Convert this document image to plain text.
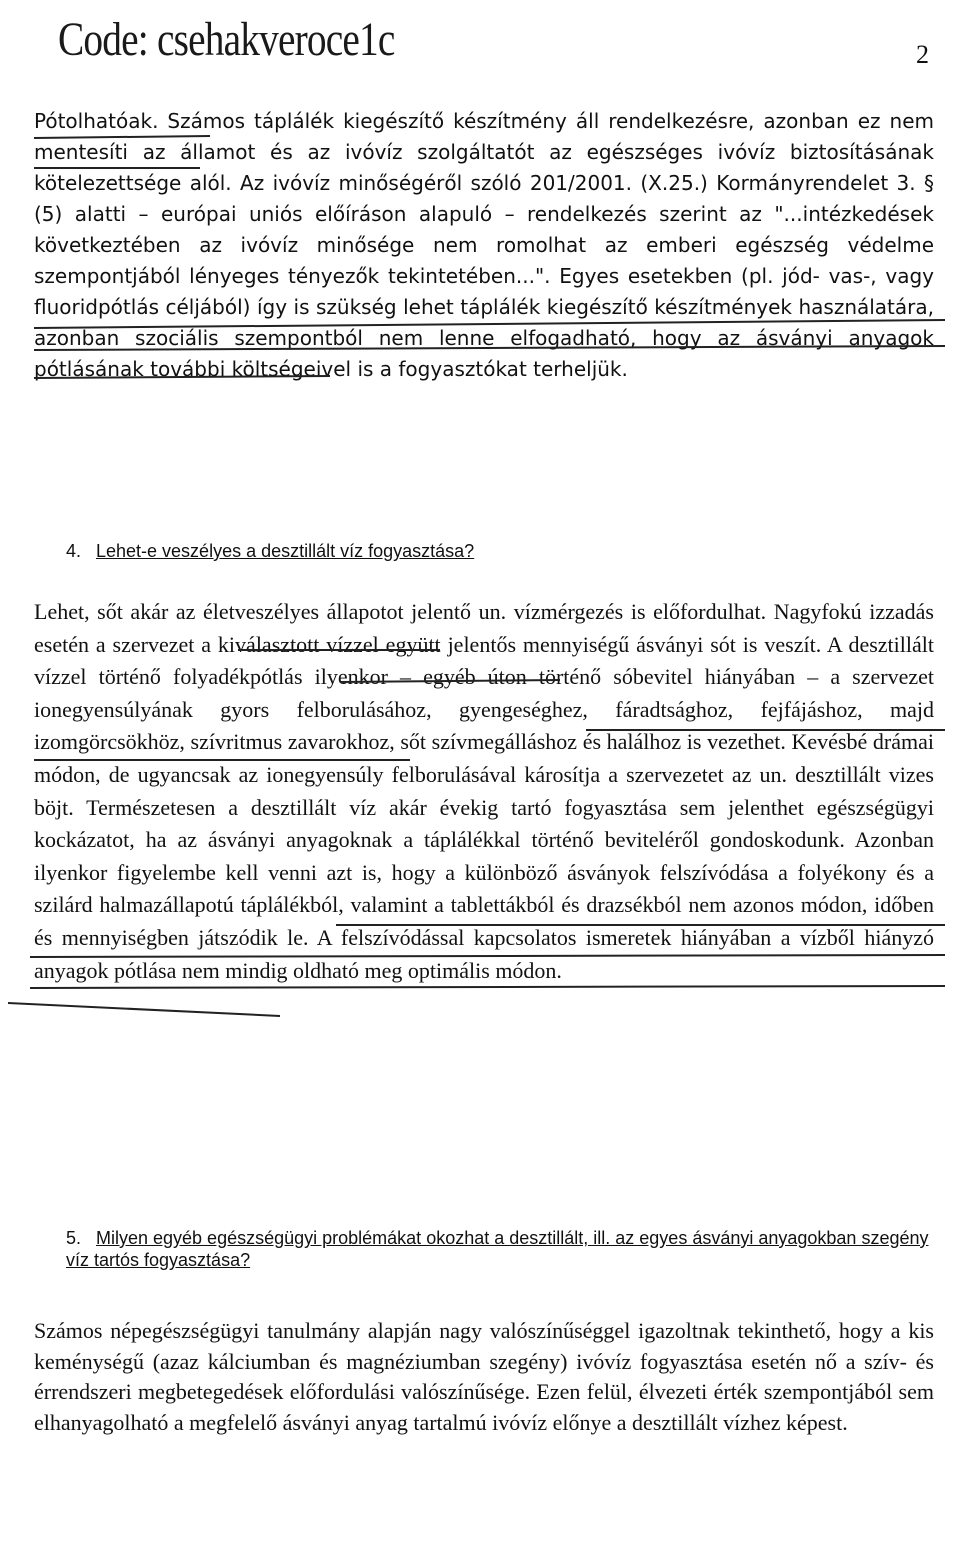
Code: csehakveroce1c	2

Pótolhatóak. Számos táplálék kiegészítő készítmény áll rendelkezésre, azonban ez nem mentesíti az államot és az ivóvíz szolgáltatót az egészséges ivóvíz biztosításának kötelezettsége alól. Az ivóvíz minőségéről szóló 201/2001. (X.25.) Kormányrendelet 3. § (5) alatti – európai uniós előíráson alapuló – rendelkezés szerint az "...intézkedések következtében az ivóvíz minősége nem romolhat az emberi egészség védelme szempontjából lényeges tényezők tekintetében...". Egyes esetekben (pl. jód- vas-, vagy fluoridpótlás céljából) így is szükség lehet táplálék kiegészítő készítmények használatára, azonban szociális szempontból nem lenne elfogadható, hogy az ásványi anyagok pótlásának további költségeivel is a fogyasztókat terheljük.

4. Lehet-e veszélyes a desztillált víz fogyasztása?

Lehet, sőt akár az életveszélyes állapotot jelentő un. vízmérgezés is előfordulhat. Nagyfokú izzadás esetén a szervezet a kiválasztott vízzel együtt jelentős mennyiségű ásványi sót is veszít. A desztillált vízzel történő folyadékpótlás ilyenkor – egyéb úton történő sóbevitel hiányában – a szervezet ionegyensúlyának gyors felborulásához, gyengeséghez, fáradtsághoz, fejfájáshoz, majd izomgörcsökhöz, szívritmus zavarokhoz, sőt szívmegálláshoz és halálhoz is vezethet. Kevésbé drámai módon, de ugyancsak az ionegyensúly felborulásával károsítja a szervezetet az un. desztillált vizes böjt. Természetesen a desztillált víz akár évekig tartó fogyasztása sem jelenthet egészségügyi kockázatot, ha az ásványi anyagoknak a táplálékkal történő beviteléről gondoskodunk. Azonban ilyenkor figyelembe kell venni azt is, hogy a különböző ásványok felszívódása a folyékony és a szilárd halmazállapotú táplálékból, valamint a tablettákból és drazsékból nem azonos módon, időben és mennyiségben játszódik le. A felszívódással kapcsolatos ismeretek hiányában a vízből hiányzó anyagok pótlása nem mindig oldható meg optimális módon.

5. Milyen egyéb egészségügyi problémákat okozhat a desztillált, ill. az egyes ásványi anyagokban szegény víz tartós fogyasztása?

Számos népegészségügyi tanulmány alapján nagy valószínűséggel igazoltnak tekinthető, hogy a kis keménységű (azaz kálciumban és magnéziumban szegény) ivóvíz fogyasztása esetén nő a szív- és érrendszeri megbetegedések előfordulási valószínűsége. Ezen felül, élvezeti érték szempontjából sem elhanyagolható a megfelelő ásványi anyag tartalmú ivóvíz előnye a desztillált vízhez képest.
